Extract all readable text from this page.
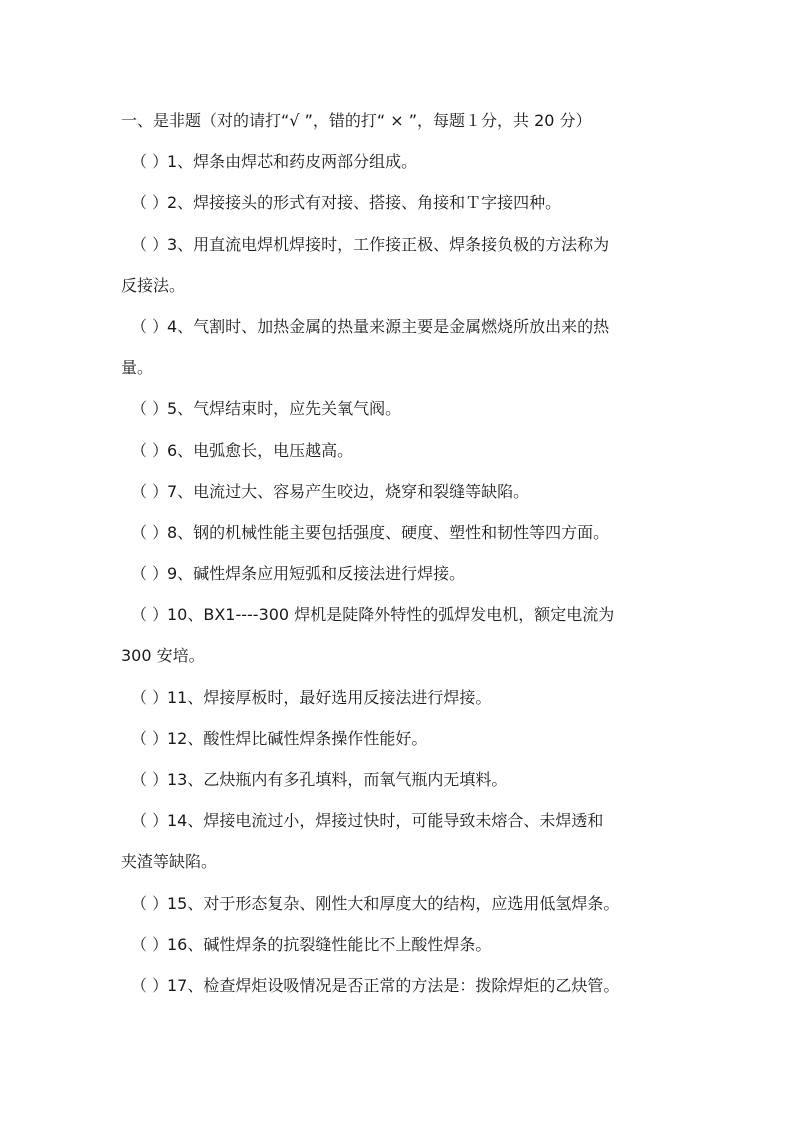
一、是非题（对的请打“√ ”，错的打“ × ”，每题１分，共 20 分）
（ ）1、焊条由焊芯和药皮两部分组成。
（ ）2、焊接接头的形式有对接、搭接、角接和Ｔ字接四种。
（ ）3、用直流电焊机焊接时，工作接正极、焊条接负极的方法称为
反接法。
（ ）4、气割时、加热金属的热量来源主要是金属燃烧所放出来的热
量。
（ ）5、气焊结束时，应先关氧气阀。
（ ）6、电弧愈长，电压越高。
（ ）7、电流过大、容易产生咬边，烧穿和裂缝等缺陷。
（ ）8、钢的机械性能主要包括强度、硬度、塑性和韧性等四方面。
（ ）9、碱性焊条应用短弧和反接法进行焊接。
（ ）10、BX1----300 焊机是陡降外特性的弧焊发电机，额定电流为
300 安培。
（ ）11、焊接厚板时，最好选用反接法进行焊接。
（ ）12、酸性焊比碱性焊条操作性能好。
（ ）13、乙炔瓶内有多孔填料，而氧气瓶内无填料。
（ ）14、焊接电流过小，焊接过快时，可能导致未熔合、未焊透和
夹渣等缺陷。
（ ）15、对于形态复杂、刚性大和厚度大的结构，应选用低氢焊条。
（ ）16、碱性焊条的抗裂缝性能比不上酸性焊条。
（ ）17、检查焊炬设吸情况是否正常的方法是：拨除焊炬的乙炔管。
